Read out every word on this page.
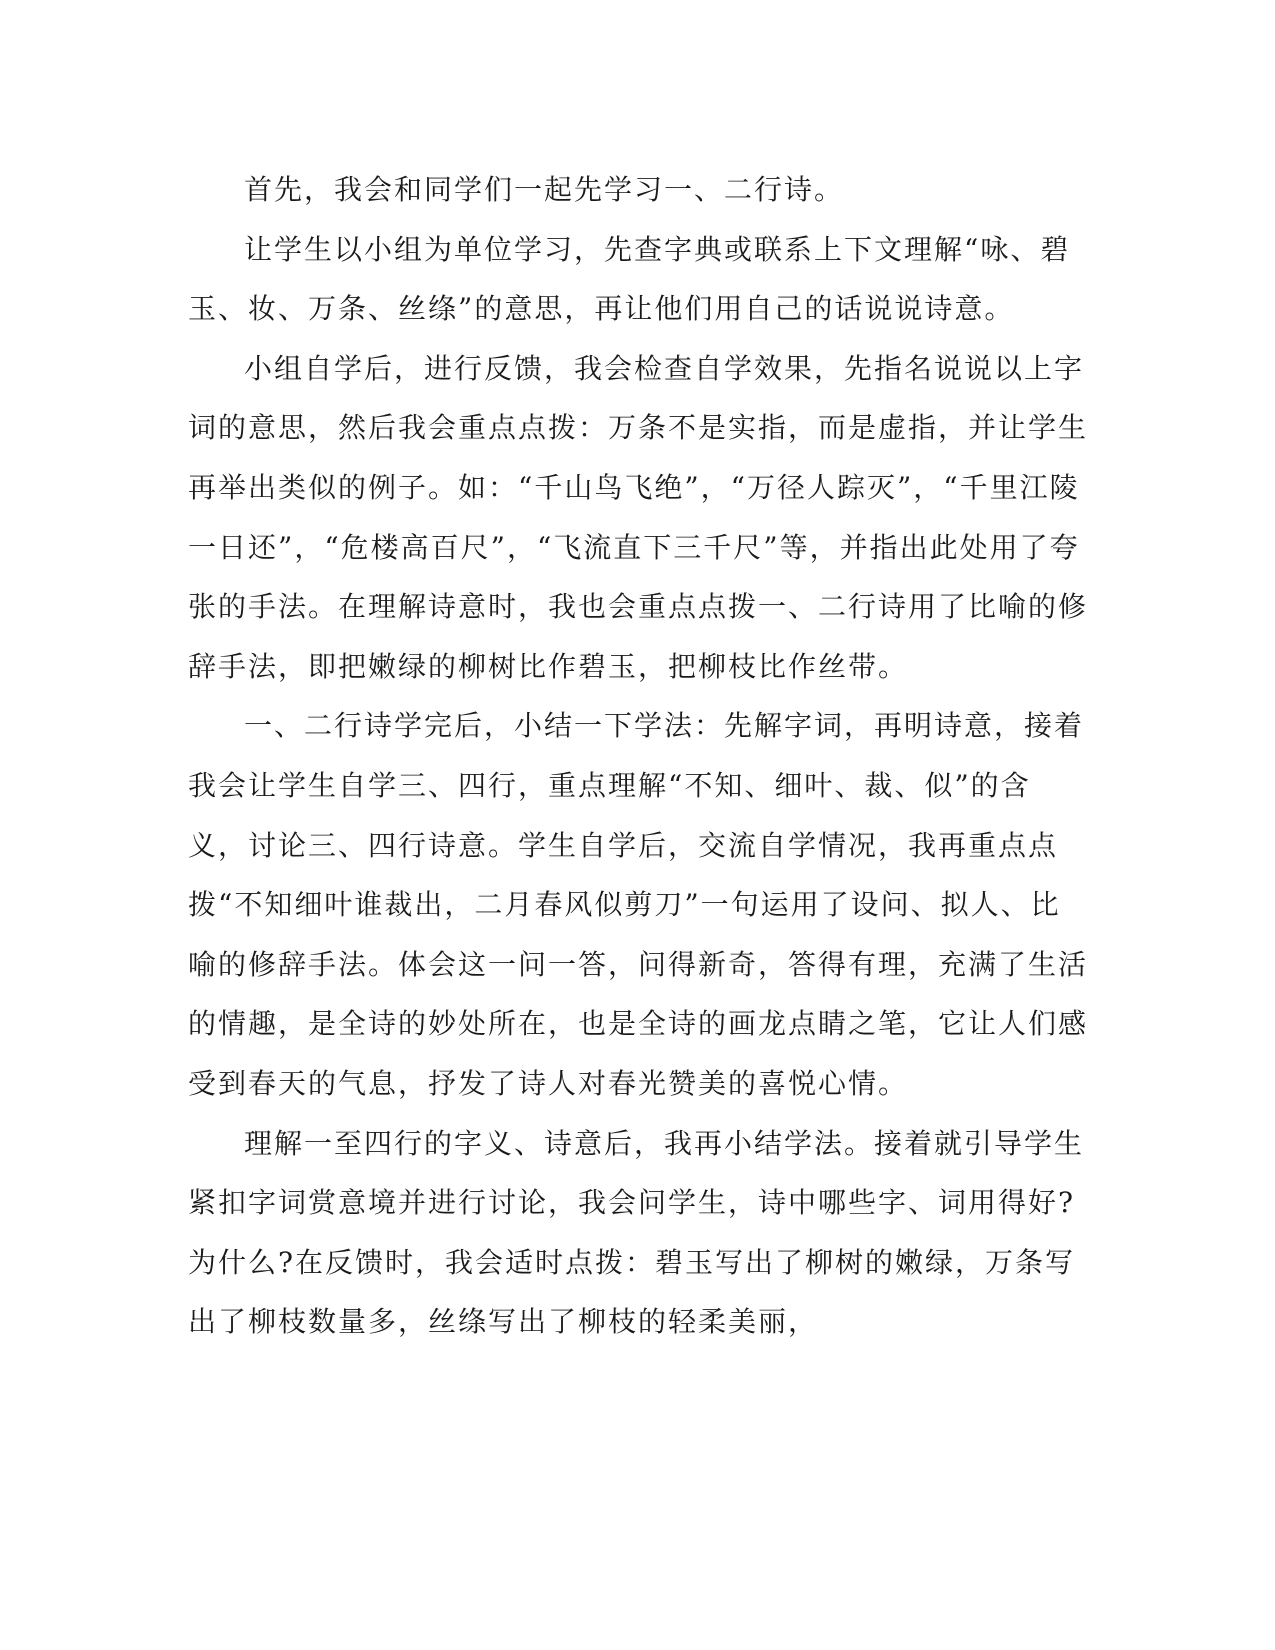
首先，我会和同学们一起先学习一、二行诗。

让学生以小组为单位学习，先查字典或联系上下文理解“咏、碧玉、妆、万条、丝绦”的意思，再让他们用自己的话说说诗意。

小组自学后，进行反馈，我会检查自学效果，先指名说说以上字词的意思，然后我会重点点拨：万条不是实指，而是虚指，并让学生再举出类似的例子。如：“千山鸟飞绝”，“万径人踪灭”，“千里江陵一日还”，“危楼高百尺”，“飞流直下三千尺”等，并指出此处用了夸张的手法。在理解诗意时，我也会重点点拨一、二行诗用了比喻的修辞手法，即把嫩绿的柳树比作碧玉，把柳枝比作丝带。

一、二行诗学完后，小结一下学法：先解字词，再明诗意，接着我会让学生自学三、四行，重点理解“不知、细叶、裁、似”的含义，讨论三、四行诗意。学生自学后，交流自学情况，我再重点点拨“不知细叶谁裁出，二月春风似剪刀”一句运用了设问、拟人、比喻的修辞手法。体会这一问一答，问得新奇，答得有理，充满了生活的情趣，是全诗的妙处所在，也是全诗的画龙点睛之笔，它让人们感受到春天的气息，抒发了诗人对春光赞美的喜悦心情。

理解一至四行的字义、诗意后，我再小结学法。接着就引导学生紧扣字词赏意境并进行讨论，我会问学生，诗中哪些字、词用得好?为什么?在反馈时，我会适时点拨：碧玉写出了柳树的嫩绿，万条写出了柳枝数量多，丝绦写出了柳枝的轻柔美丽，
